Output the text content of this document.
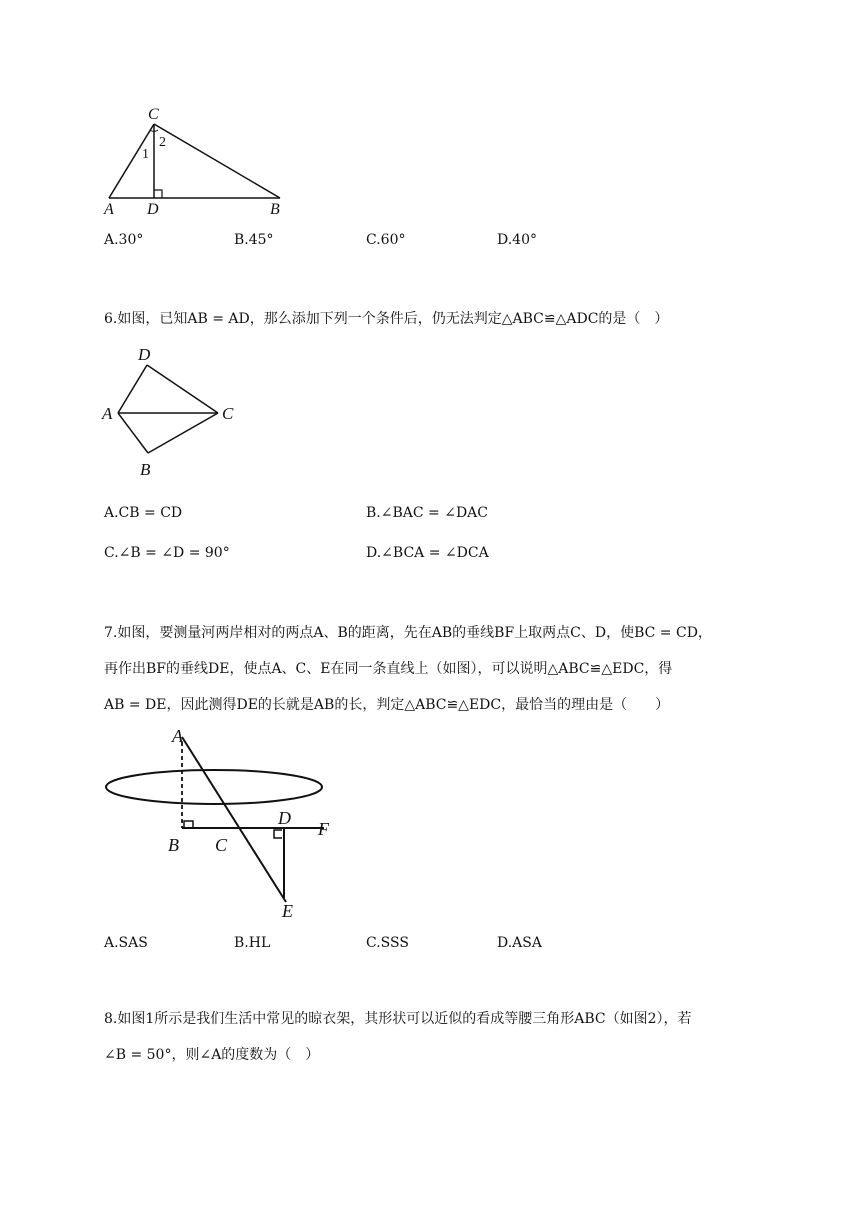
C
1
2
A D	B
A.30°	B.45°	C.60°	D.40°
6.如图，已知AB = AD，那么添加下列一个条件后，仍无法判定△ABC≌△ADC的是（　）
D
A	C
B
A.CB = CD	B.∠BAC = ∠DAC
C.∠B = ∠D = 90°	D.∠BCA = ∠DCA
7.如图，要测量河两岸相对的两点A、B的距离，先在AB的垂线BF上取两点C、D，使BC = CD，
再作出BF的垂线DE，使点A、C、E在同一条直线上（如图），可以说明△ABC≌△EDC，得
AB = DE，因此测得DE的长就是AB的长，判定△ABC≌△EDC，最恰当的理由是（　　）
A
B C
D
F
E
A.SAS	B.HL	C.SSS	D.ASA
8.如图1所示是我们生活中常见的晾衣架，其形状可以近似的看成等腰三角形ABC（如图2），若
∠B = 50°，则∠A的度数为（　）
